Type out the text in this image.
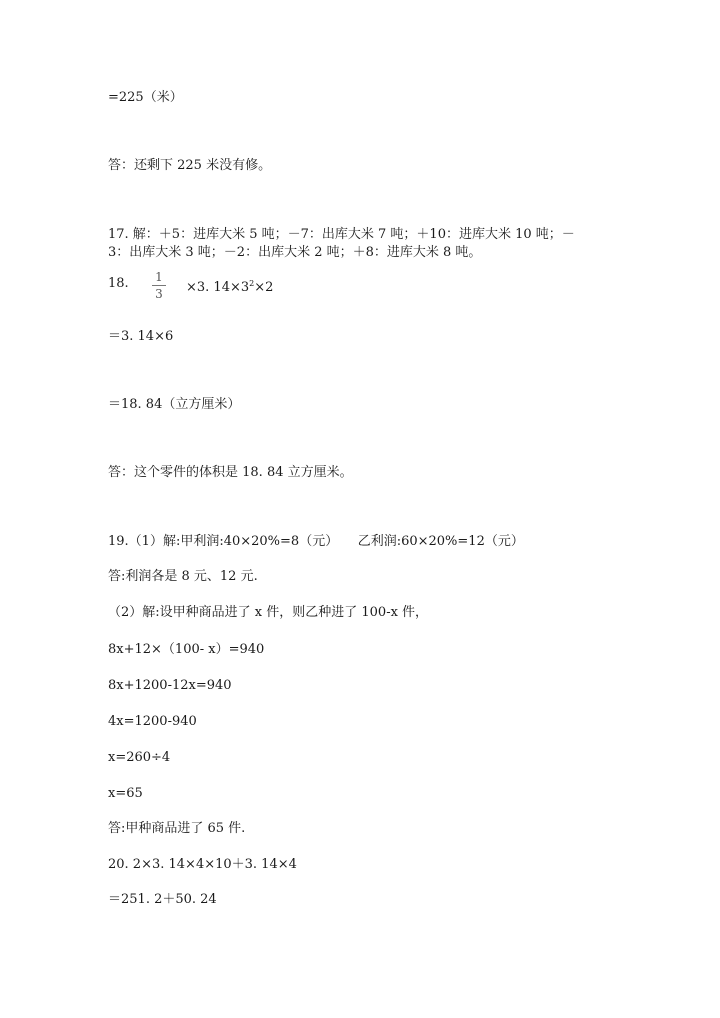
=225（米）
答：还剩下 225 米没有修。
17. 解：＋5：进库大米 5 吨；－7：出库大米 7 吨；＋10：进库大米 10 吨；－
3：出库大米 3 吨；－2：出库大米 2 吨；＋8：进库大米 8 吨。
18. 1
3 ×3. $14\times 3^2\times 2$
＝3. 14×6
＝18. 84（立方厘米）
答：这个零件的体积是 18. 84 立方厘米。
19.（1）解:甲利润:40×20%=8（元）　　乙利润:60×20%=12（元）
答:利润各是 8 元、12 元.
（2）解:设甲种商品进了 x 件，则乙种进了 100-x 件，
8x+12×（100- x）=940
8x+1200-12x=940
4x=1200-940
x=260÷4
x=65
答:甲种商品进了 65 件.
20. 2×3. 14×4×10＋3. 14×4
＝251. 2＋50. 24
